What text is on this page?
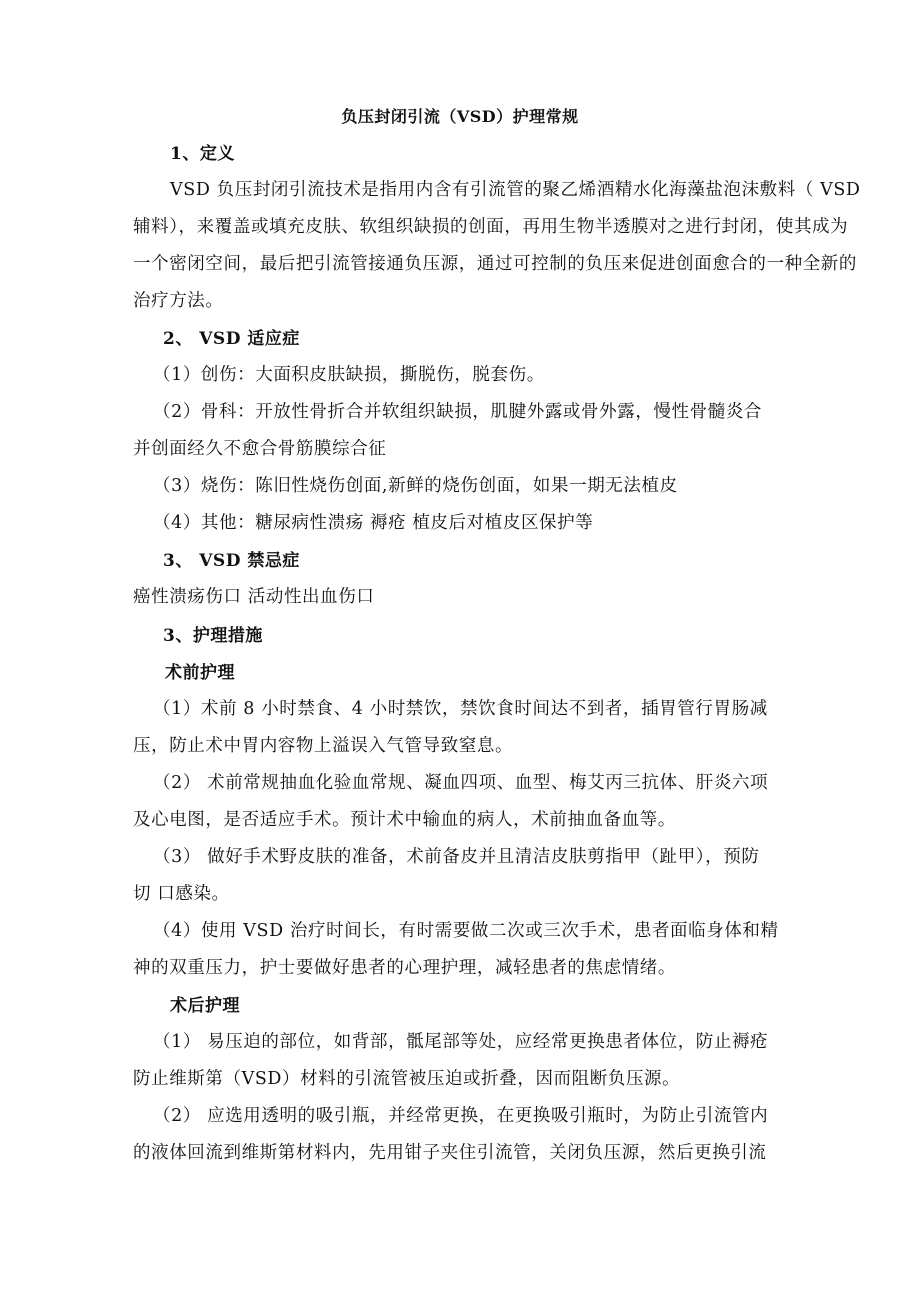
负压封闭引流（VSD）护理常规
1、定义
VSD 负压封闭引流技术是指用内含有引流管的聚乙烯酒精水化海藻盐泡沫敷料（ VSD
辅料），来覆盖或填充皮肤、软组织缺损的创面，再用生物半透膜对之进行封闭，使其成为
一个密闭空间，最后把引流管接通负压源，通过可控制的负压来促进创面愈合的一种全新的
治疗方法。
2、 VSD 适应症
（1）创伤：大面积皮肤缺损，撕脱伤，脱套伤。
（2）骨科：开放性骨折合并软组织缺损，肌腱外露或骨外露，慢性骨髓炎合
并创面经久不愈合骨筋膜综合征
（3）烧伤：陈旧性烧伤创面,新鲜的烧伤创面，如果一期无法植皮
（4）其他：糖尿病性溃疡 褥疮 植皮后对植皮区保护等
3、 VSD 禁忌症
癌性溃疡伤口 活动性出血伤口
3、护理措施
术前护理
（1）术前 8 小时禁食、4 小时禁饮，禁饮食时间达不到者，插胃管行胃肠减
压，防止术中胃内容物上溢误入气管导致窒息。
（2） 术前常规抽血化验血常规、凝血四项、血型、梅艾丙三抗体、肝炎六项
及心电图，是否适应手术。预计术中输血的病人，术前抽血备血等。
（3） 做好手术野皮肤的准备，术前备皮并且清洁皮肤剪指甲（趾甲），预防
切 口感染。
（4）使用 VSD 治疗时间长，有时需要做二次或三次手术，患者面临身体和精
神的双重压力，护士要做好患者的心理护理，减轻患者的焦虑情绪。
术后护理
（1） 易压迫的部位，如背部，骶尾部等处，应经常更换患者体位，防止褥疮
防止维斯第（VSD）材料的引流管被压迫或折叠，因而阻断负压源。
（2） 应选用透明的吸引瓶，并经常更换，在更换吸引瓶时，为防止引流管内
的液体回流到维斯第材料内，先用钳子夹住引流管，关闭负压源，然后更换引流
